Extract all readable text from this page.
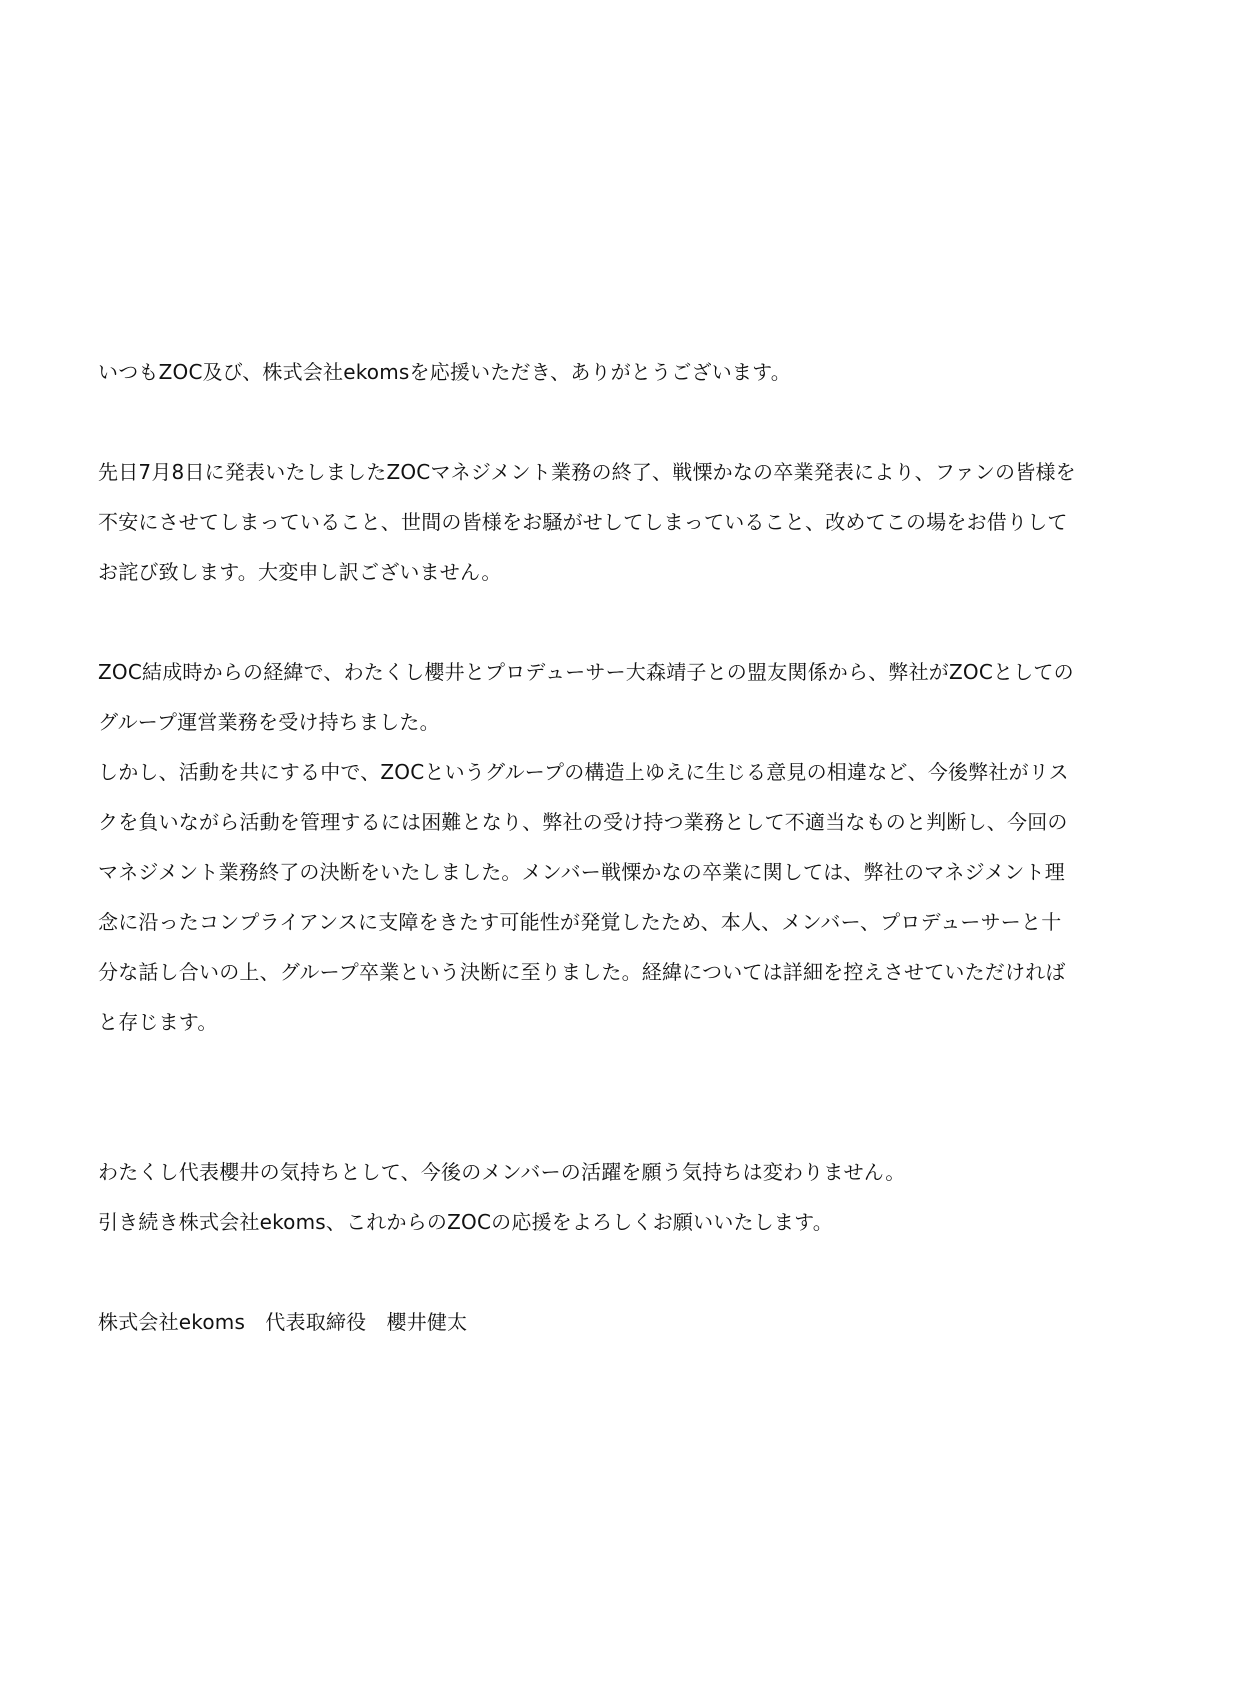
いつもZOC及び、株式会社ekomsを応援いただき、ありがとうございます。
先日7月8日に発表いたしましたZOCマネジメント業務の終了、戦慄かなの卒業発表により、ファンの皆様を
不安にさせてしまっていること、世間の皆様をお騒がせしてしまっていること、改めてこの場をお借りして
お詫び致します。大変申し訳ございません。
ZOC結成時からの経緯で、わたくし櫻井とプロデューサー大森靖子との盟友関係から、弊社がZOCとしての
グループ運営業務を受け持ちました。
しかし、活動を共にする中で、ZOCというグループの構造上ゆえに生じる意見の相違など、今後弊社がリス
クを負いながら活動を管理するには困難となり、弊社の受け持つ業務として不適当なものと判断し、今回の
マネジメント業務終了の決断をいたしました。メンバー戦慄かなの卒業に関しては、弊社のマネジメント理
念に沿ったコンプライアンスに支障をきたす可能性が発覚したため、本人、メンバー、プロデューサーと十
分な話し合いの上、グループ卒業という決断に至りました。経緯については詳細を控えさせていただければ
と存じます。
わたくし代表櫻井の気持ちとして、今後のメンバーの活躍を願う気持ちは変わりません。
引き続き株式会社ekoms、これからのZOCの応援をよろしくお願いいたします。
株式会社ekoms　代表取締役　櫻井健太
